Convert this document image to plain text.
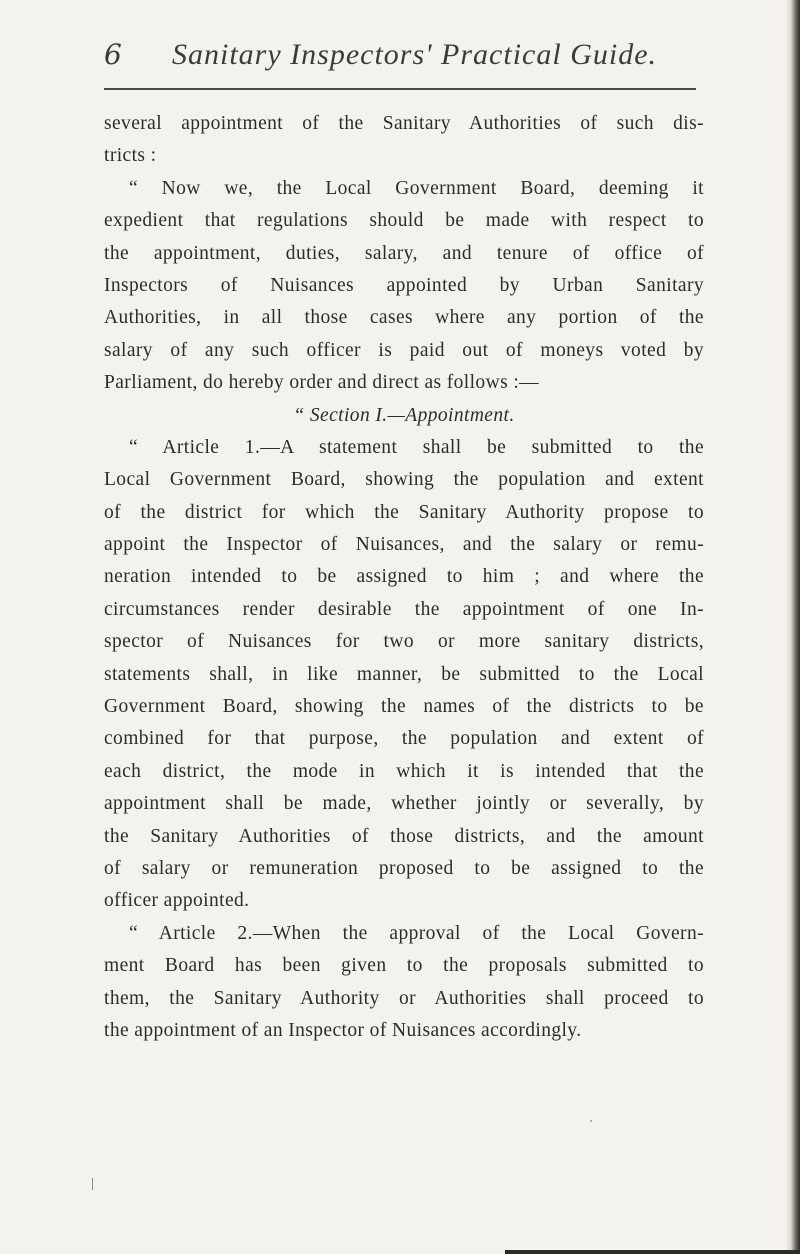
6 Sanitary Inspectors' Practical Guide.
several appointment of the Sanitary Authorities of such dis-
tricts :
“ Now we, the Local Government Board, deeming it
expedient that regulations should be made with respect to
the appointment, duties, salary, and tenure of office of
Inspectors of Nuisances appointed by Urban Sanitary
Authorities, in all those cases where any portion of the
salary of any such officer is paid out of moneys voted by
Parliament, do hereby order and direct as follows :—
“ Section I.—Appointment.
“ Article 1.—A statement shall be submitted to the
Local Government Board, showing the population and extent
of the district for which the Sanitary Authority propose to
appoint the Inspector of Nuisances, and the salary or remu-
neration intended to be assigned to him ; and where the
circumstances render desirable the appointment of one In-
spector of Nuisances for two or more sanitary districts,
statements shall, in like manner, be submitted to the Local
Government Board, showing the names of the districts to be
combined for that purpose, the population and extent of
each district, the mode in which it is intended that the
appointment shall be made, whether jointly or severally, by
the Sanitary Authorities of those districts, and the amount
of salary or remuneration proposed to be assigned to the
officer appointed.
“ Article 2.—When the approval of the Local Govern-
ment Board has been given to the proposals submitted to
them, the Sanitary Authority or Authorities shall proceed to
the appointment of an Inspector of Nuisances accordingly.
